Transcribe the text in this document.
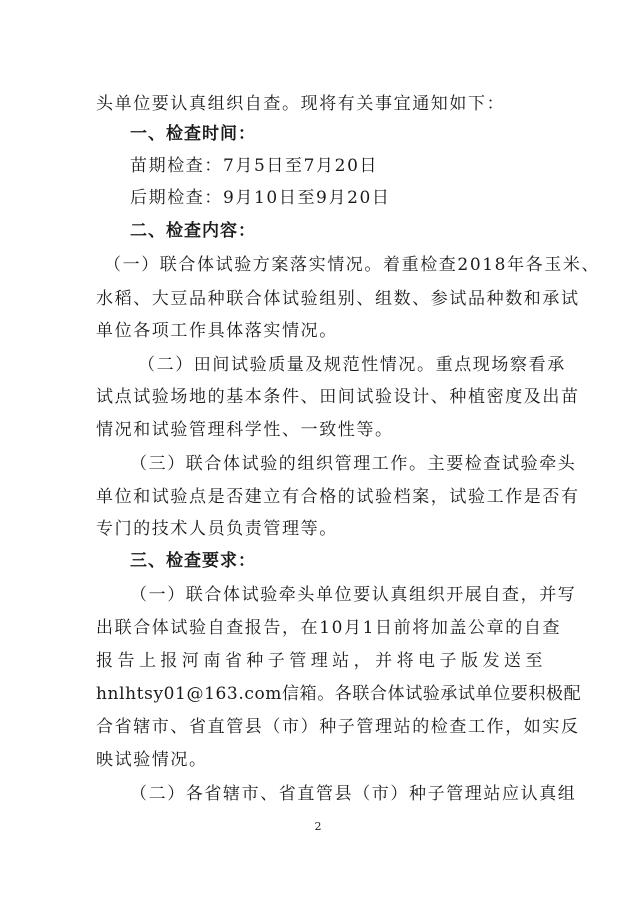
头单位要认真组织自查。现将有关事宜通知如下：
一、检查时间：
苗期检查：7月5日至7月20日
后期检查：9月10日至9月20日
二、检查内容：
（一）联合体试验方案落实情况。着重检查2018年各玉米、
水稻、大豆品种联合体试验组别、组数、参试品种数和承试
单位各项工作具体落实情况。
（二）田间试验质量及规范性情况。重点现场察看承
试点试验场地的基本条件、田间试验设计、种植密度及出苗
情况和试验管理科学性、一致性等。
（三）联合体试验的组织管理工作。主要检查试验牵头
单位和试验点是否建立有合格的试验档案，试验工作是否有
专门的技术人员负责管理等。
三、检查要求：
（一）联合体试验牵头单位要认真组织开展自查，并写
出联合体试验自查报告，在10月1日前将加盖公章的自查
报告上报河南省种子管理站，并将电子版发送至
hnlhtsy01@163.com信箱。各联合体试验承试单位要积极配
合省辖市、省直管县（市）种子管理站的检查工作，如实反
映试验情况。
（二）各省辖市、省直管县（市）种子管理站应认真组
2
